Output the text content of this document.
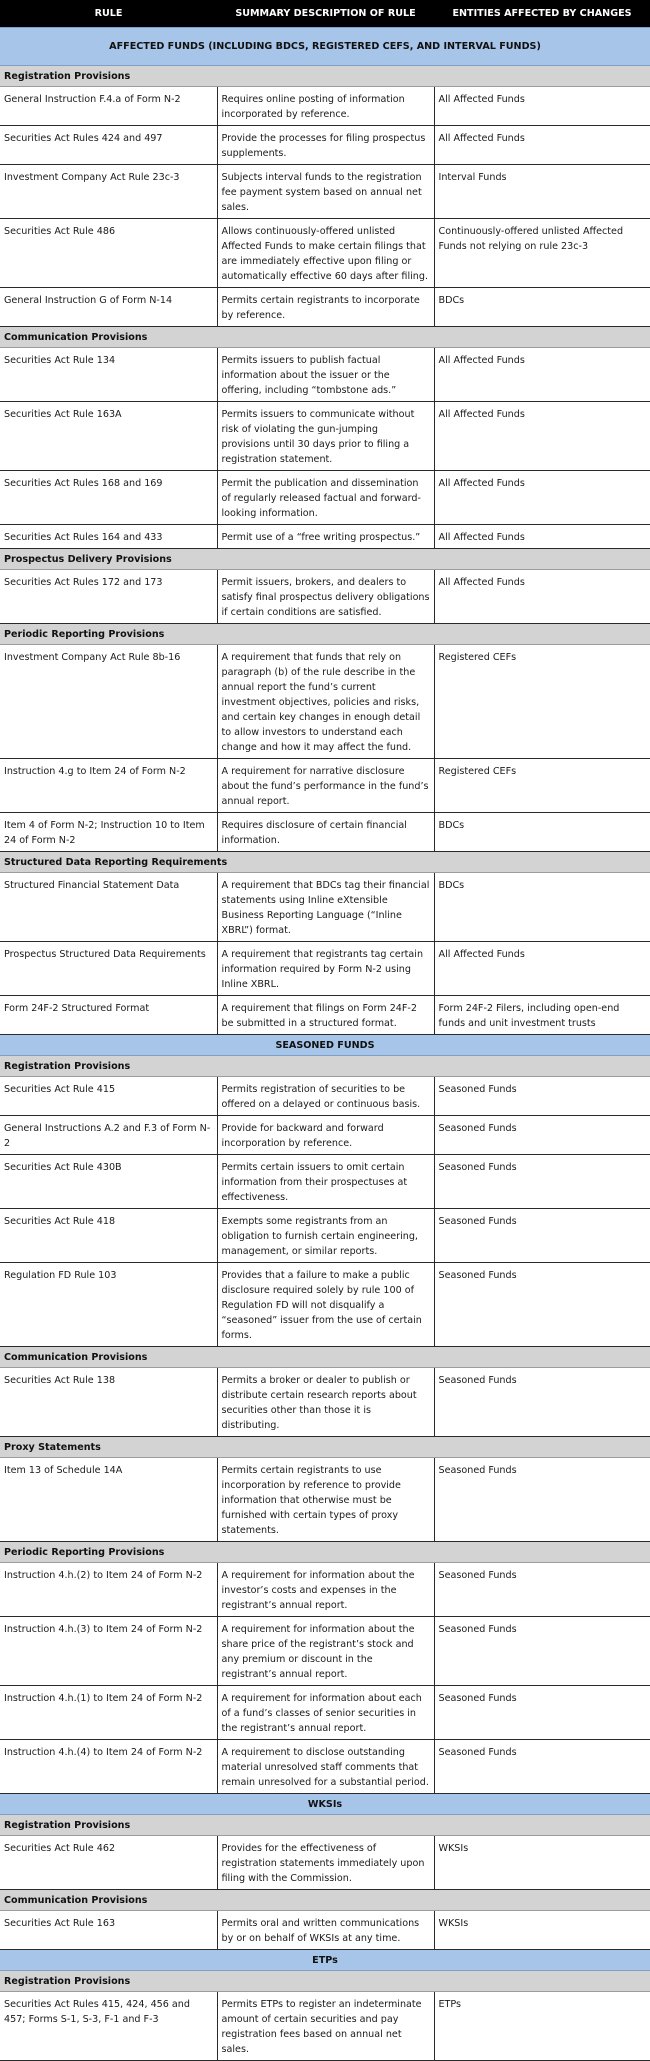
RULE	SUMMARY DESCRIPTION OF RULE	ENTITIES AFFECTED BY CHANGES
AFFECTED FUNDS (INCLUDING BDCS, REGISTERED CEFS, AND INTERVAL FUNDS)		
Registration Provisions		
General Instruction F.4.a of Form N-2	Requires online posting of information incorporated by reference.	All Affected Funds
Securities Act Rules 424 and 497	Provide the processes for filing prospectus supplements.	All Affected Funds
Investment Company Act Rule 23c-3	Subjects interval funds to the registration fee payment system based on annual net sales.	Interval Funds
Securities Act Rule 486	Allows continuously-offered unlisted Affected Funds to make certain filings that are immediately effective upon filing or automatically effective 60 days after filing.	Continuously-offered unlisted Affected Funds not relying on rule 23c-3
General Instruction G of Form N-14	Permits certain registrants to incorporate by reference.	BDCs
Communication Provisions		
Securities Act Rule 134	Permits issuers to publish factual information about the issuer or the offering, including “tombstone ads.”	All Affected Funds
Securities Act Rule 163A	Permits issuers to communicate without risk of violating the gun-jumping provisions until 30 days prior to filing a registration statement.	All Affected Funds
Securities Act Rules 168 and 169	Permit the publication and dissemination of regularly released factual and forward-looking information.	All Affected Funds
Securities Act Rules 164 and 433	Permit use of a “free writing prospectus.”	All Affected Funds
Prospectus Delivery Provisions		
Securities Act Rules 172 and 173	Permit issuers, brokers, and dealers to satisfy final prospectus delivery obligations if certain conditions are satisfied.	All Affected Funds
Periodic Reporting Provisions		
Investment Company Act Rule 8b-16	A requirement that funds that rely on paragraph (b) of the rule describe in the annual report the fund’s current investment objectives, policies and risks, and certain key changes in enough detail to allow investors to understand each change and how it may affect the fund.	Registered CEFs
Instruction 4.g to Item 24 of Form N-2	A requirement for narrative disclosure about the fund’s performance in the fund’s annual report.	Registered CEFs
Item 4 of Form N-2; Instruction 10 to Item 24 of Form N-2	Requires disclosure of certain financial information.	BDCs
Structured Data Reporting Requirements		
Structured Financial Statement Data	A requirement that BDCs tag their financial statements using Inline eXtensible Business Reporting Language (“Inline XBRL”) format.	BDCs
Prospectus Structured Data Requirements	A requirement that registrants tag certain information required by Form N-2 using Inline XBRL.	All Affected Funds
Form 24F-2 Structured Format	A requirement that filings on Form 24F-2 be submitted in a structured format.	Form 24F-2 Filers, including open-end funds and unit investment trusts
SEASONED FUNDS		
Registration Provisions		
Securities Act Rule 415	Permits registration of securities to be offered on a delayed or continuous basis.	Seasoned Funds
General Instructions A.2 and F.3 of Form N-2	Provide for backward and forward incorporation by reference.	Seasoned Funds
Securities Act Rule 430B	Permits certain issuers to omit certain information from their prospectuses at effectiveness.	Seasoned Funds
Securities Act Rule 418	Exempts some registrants from an obligation to furnish certain engineering, management, or similar reports.	Seasoned Funds
Regulation FD Rule 103	Provides that a failure to make a public disclosure required solely by rule 100 of Regulation FD will not disqualify a “seasoned” issuer from the use of certain forms.	Seasoned Funds
Communication Provisions		
Securities Act Rule 138	Permits a broker or dealer to publish or distribute certain research reports about securities other than those it is distributing.	Seasoned Funds
Proxy Statements		
Item 13 of Schedule 14A	Permits certain registrants to use incorporation by reference to provide information that otherwise must be furnished with certain types of proxy statements.	Seasoned Funds
Periodic Reporting Provisions		
Instruction 4.h.(2) to Item 24 of Form N-2	A requirement for information about the investor’s costs and expenses in the registrant’s annual report.	Seasoned Funds
Instruction 4.h.(3) to Item 24 of Form N-2	A requirement for information about the share price of the registrant’s stock and any premium or discount in the registrant’s annual report.	Seasoned Funds
Instruction 4.h.(1) to Item 24 of Form N-2	A requirement for information about each of a fund’s classes of senior securities in the registrant’s annual report.	Seasoned Funds
Instruction 4.h.(4) to Item 24 of Form N-2	A requirement to disclose outstanding material unresolved staff comments that remain unresolved for a substantial period.	Seasoned Funds
WKSIs		
Registration Provisions		
Securities Act Rule 462	Provides for the effectiveness of registration statements immediately upon filing with the Commission.	WKSIs
Communication Provisions		
Securities Act Rule 163	Permits oral and written communications by or on behalf of WKSIs at any time.	WKSIs
ETPs		
Registration Provisions		
Securities Act Rules 415, 424, 456 and 457; Forms S-1, S-3, F-1 and F-3	Permits ETPs to register an indeterminate amount of certain securities and pay registration fees based on annual net sales.	ETPs
